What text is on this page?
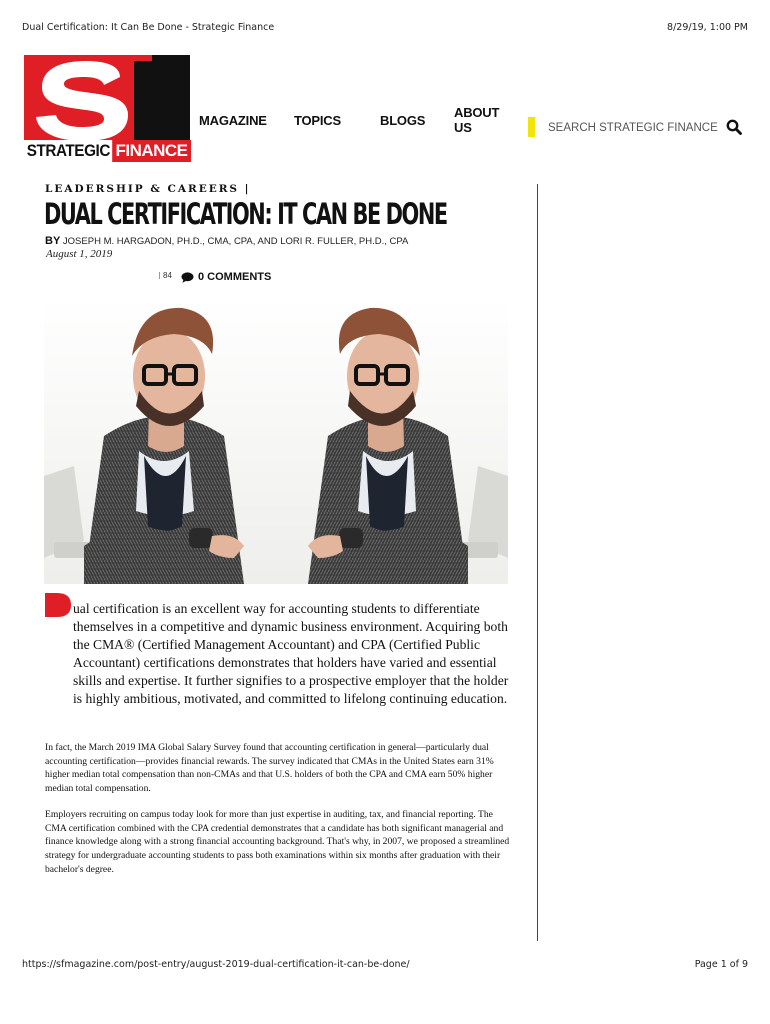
Dual Certification: It Can Be Done - Strategic Finance	8/29/19, 1:00 PM
STRATEGIC FINANCE
MAGAZINE TOPICS	BLOGS ABOUT US	SEARCH STRATEGIC FINANCE
LEADERSHIP & CAREERS |
DUAL CERTIFICATION: IT CAN BE DONE
BY JOSEPH M. HARGADON, PH.D., CMA, CPA, AND LORI R. FULLER, PH.D., CPA
August 1, 2019
84 0 COMMENTS

ual certification is an excellent way for accounting students to differentiate themselves in a competitive and dynamic business environment. Acquiring both the CMA® (Certified Management Accountant) and CPA (Certified Public Accountant) certifications demonstrates that holders have varied and essential skills and expertise. It further signifies to a prospective employer that the holder is highly ambitious, motivated, and committed to lifelong continuing education.

In fact, the March 2019 IMA Global Salary Survey found that accounting certification in general—particularly dual accounting certification—provides financial rewards. The survey indicated that CMAs in the United States earn 31% higher median total compensation than non-CMAs and that U.S. holders of both the CPA and CMA earn 50% higher median total compensation.
Employers recruiting on campus today look for more than just expertise in auditing, tax, and financial reporting. The CMA certification combined with the CPA credential demonstrates that a candidate has both significant managerial and finance knowledge along with a strong financial accounting background. That's why, in 2007, we proposed a streamlined strategy for undergraduate accounting students to pass both examinations within six months after graduation with their bachelor's degree.
https://sfmagazine.com/post-entry/august-2019-dual-certification-it-can-be-done/	Page 1 of 9
